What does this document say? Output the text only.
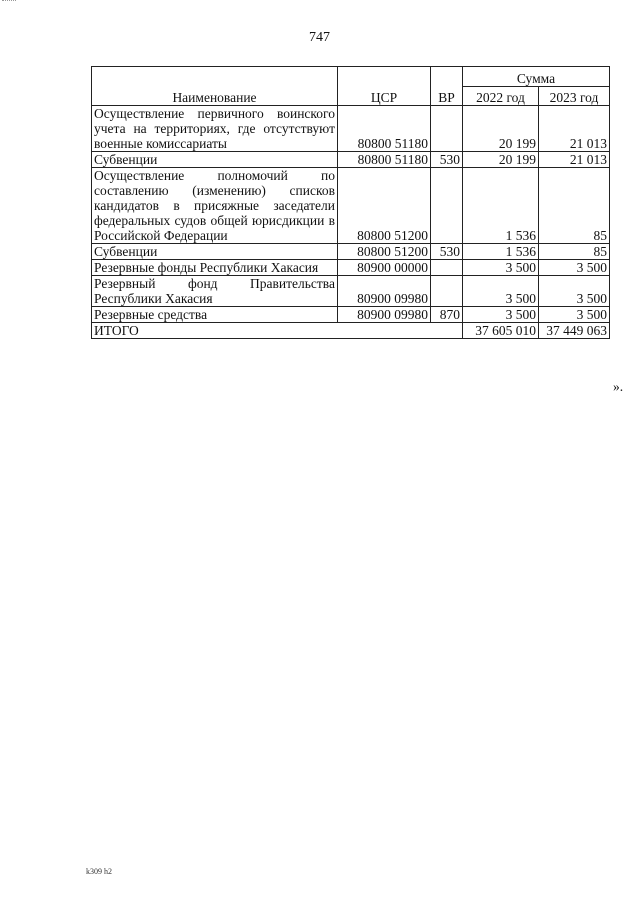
747
Наименование	ЦСР	ВР	Сумма	
			2022 год	2023 год
Осуществление первичного воинского учета на территориях, где отсутствуют военные комиссариаты	80800 51180		20 199	21 013
Субвенции	80800 51180	530	20 199	21 013
Осуществление полномочий по составлению (изменению) списков кандидатов в присяжные заседатели федеральных судов общей юрисдикции в Российской Федерации	80800 51200		1 536	85
Субвенции	80800 51200	530	1 536	85
Резервные фонды Республики Хакасия	80900 00000		3 500	3 500
Резервный фонд Правительства Республики Хакасия	80900 09980		3 500	3 500
Резервные средства	80900 09980	870	3 500	3 500
ИТОГО			37 605 010	37 449 063
».
k309 h2
